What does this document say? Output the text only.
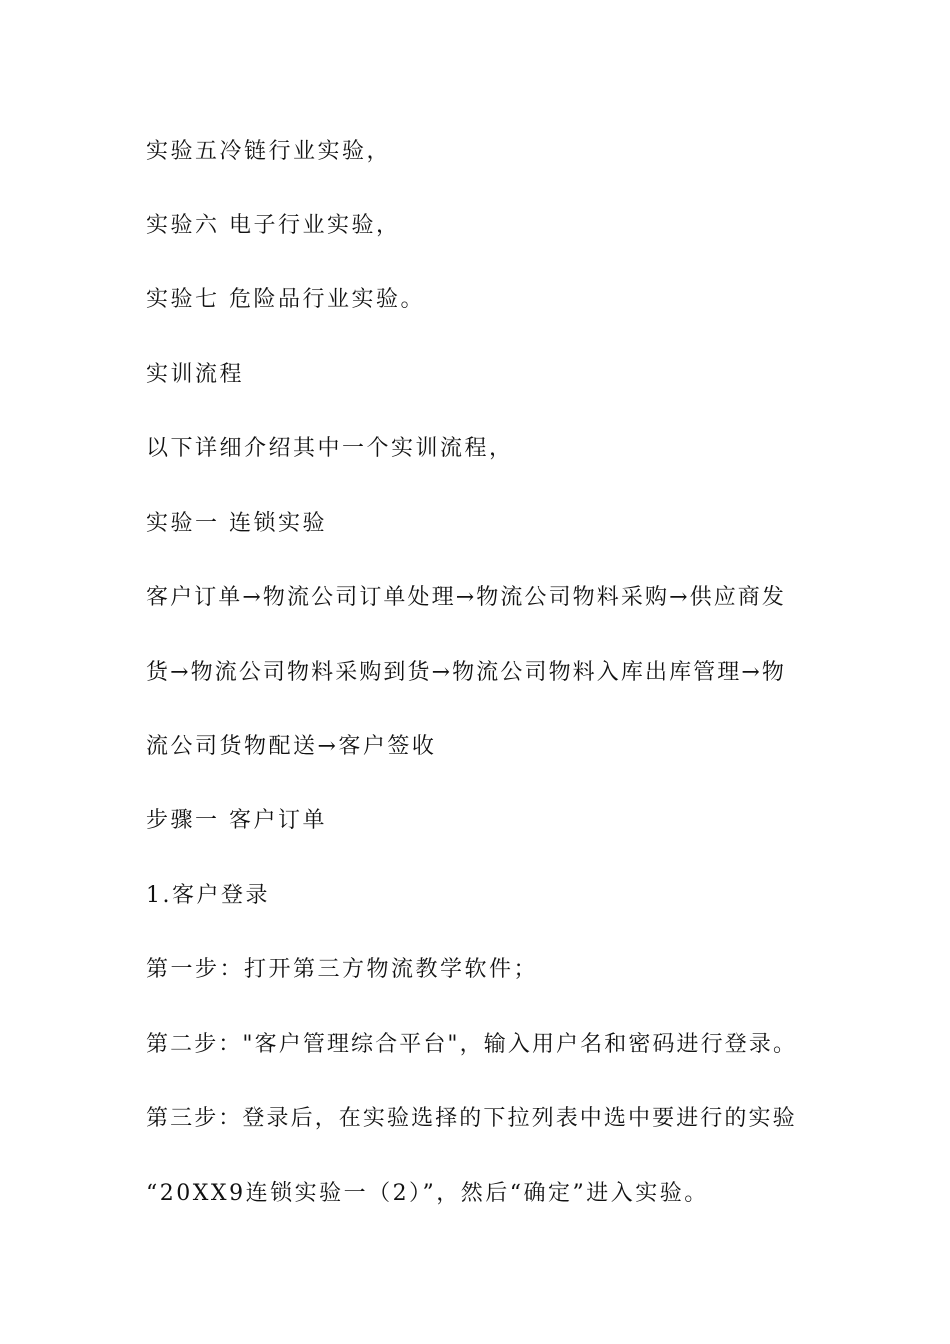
实验五冷链行业实验，
实验六 电子行业实验，
实验七 危险品行业实验。
实训流程
以下详细介绍其中一个实训流程，
实验一 连锁实验
客户订单→物流公司订单处理→物流公司物料采购→供应商发
货→物流公司物料采购到货→物流公司物料入库出库管理→物
流公司货物配送→客户签收
步骤一 客户订单
1.客户登录
第一步：打开第三方物流教学软件；
第二步："客户管理综合平台"，输入用户名和密码进行登录。
第三步：登录后，在实验选择的下拉列表中选中要进行的实验
“20XX9连锁实验一（2）”，然后“确定”进入实验。
